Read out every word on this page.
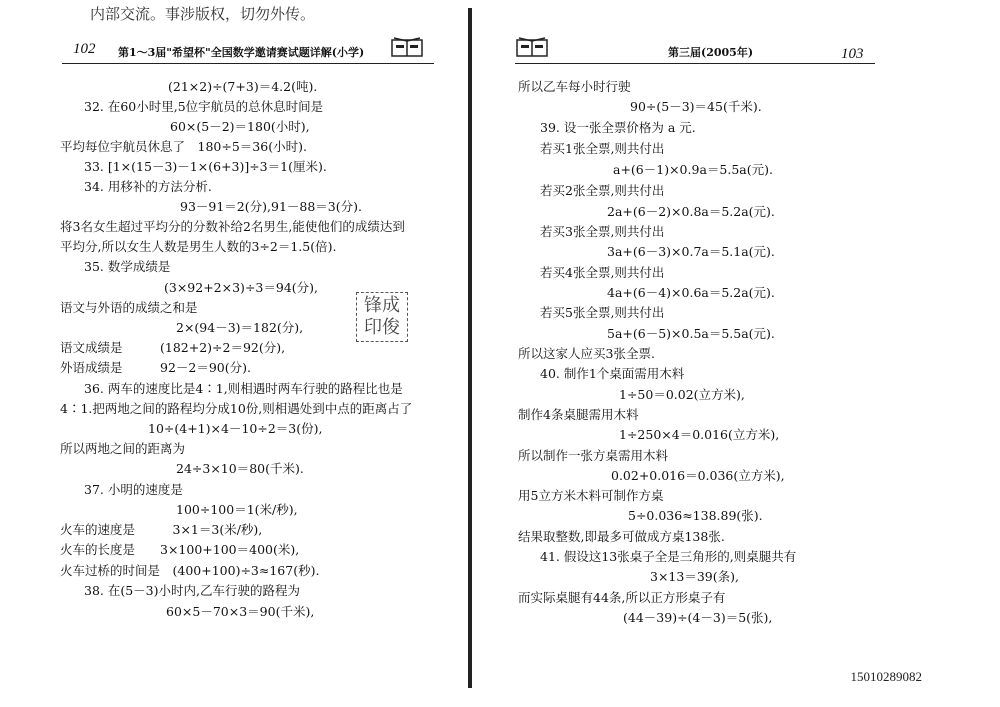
内部交流。事涉版权，切勿外传。
102 第1～3届"希望杯"全国数学邀请赛试题详解(小学)
(21×2)÷(7+3)＝4.2(吨).
32. 在60小时里,5位宇航员的总休息时间是
60×(5－2)＝180(小时),
平均每位宇航员休息了　180÷5＝36(小时).
33. [1×(15－3)－1×(6+3)]÷3＝1(厘米).
34. 用移补的方法分析.
93－91＝2(分),91－88＝3(分).
将3名女生超过平均分的分数补给2名男生,能使他们的成绩达到
平均分,所以女生人数是男生人数的3÷2＝1.5(倍).
35. 数学成绩是
(3×92+2×3)÷3＝94(分),
语文与外语的成绩之和是
2×(94－3)＝182(分),
语文成绩是　　　(182+2)÷2＝92(分),
外语成绩是　　　92－2＝90(分).
36. 两车的速度比是4∶1,则相遇时两车行驶的路程比也是
4∶1.把两地之间的路程均分成10份,则相遇处到中点的距离占了
10÷(4+1)×4－10÷2＝3(份),
所以两地之间的距离为
24÷3×10＝80(千米).
37. 小明的速度是
100÷100＝1(米/秒),
火车的速度是　　　3×1＝3(米/秒),
火车的长度是　　3×100+100＝400(米),
火车过桥的时间是　(400+100)÷3≈167(秒).
38. 在(5－3)小时内,乙车行驶的路程为
60×5－70×3＝90(千米),
锋成
印俊
第三届(2005年)	103
所以乙车每小时行驶
90÷(5－3)＝45(千米).
39. 设一张全票价格为 a 元.
若买1张全票,则共付出
a+(6－1)×0.9a＝5.5a(元).
若买2张全票,则共付出
2a+(6－2)×0.8a＝5.2a(元).
若买3张全票,则共付出
3a+(6－3)×0.7a＝5.1a(元).
若买4张全票,则共付出
4a+(6－4)×0.6a＝5.2a(元).
若买5张全票,则共付出
5a+(6－5)×0.5a＝5.5a(元).
所以这家人应买3张全票.
40. 制作1个桌面需用木料
1÷50＝0.02(立方米),
制作4条桌腿需用木料
1÷250×4＝0.016(立方米),
所以制作一张方桌需用木料
0.02+0.016＝0.036(立方米),
用5立方米木料可制作方桌
5÷0.036≈138.89(张).
结果取整数,即最多可做成方桌138张.
41. 假设这13张桌子全是三角形的,则桌腿共有
3×13＝39(条),
而实际桌腿有44条,所以正方形桌子有
(44－39)÷(4－3)＝5(张),
15010289082
